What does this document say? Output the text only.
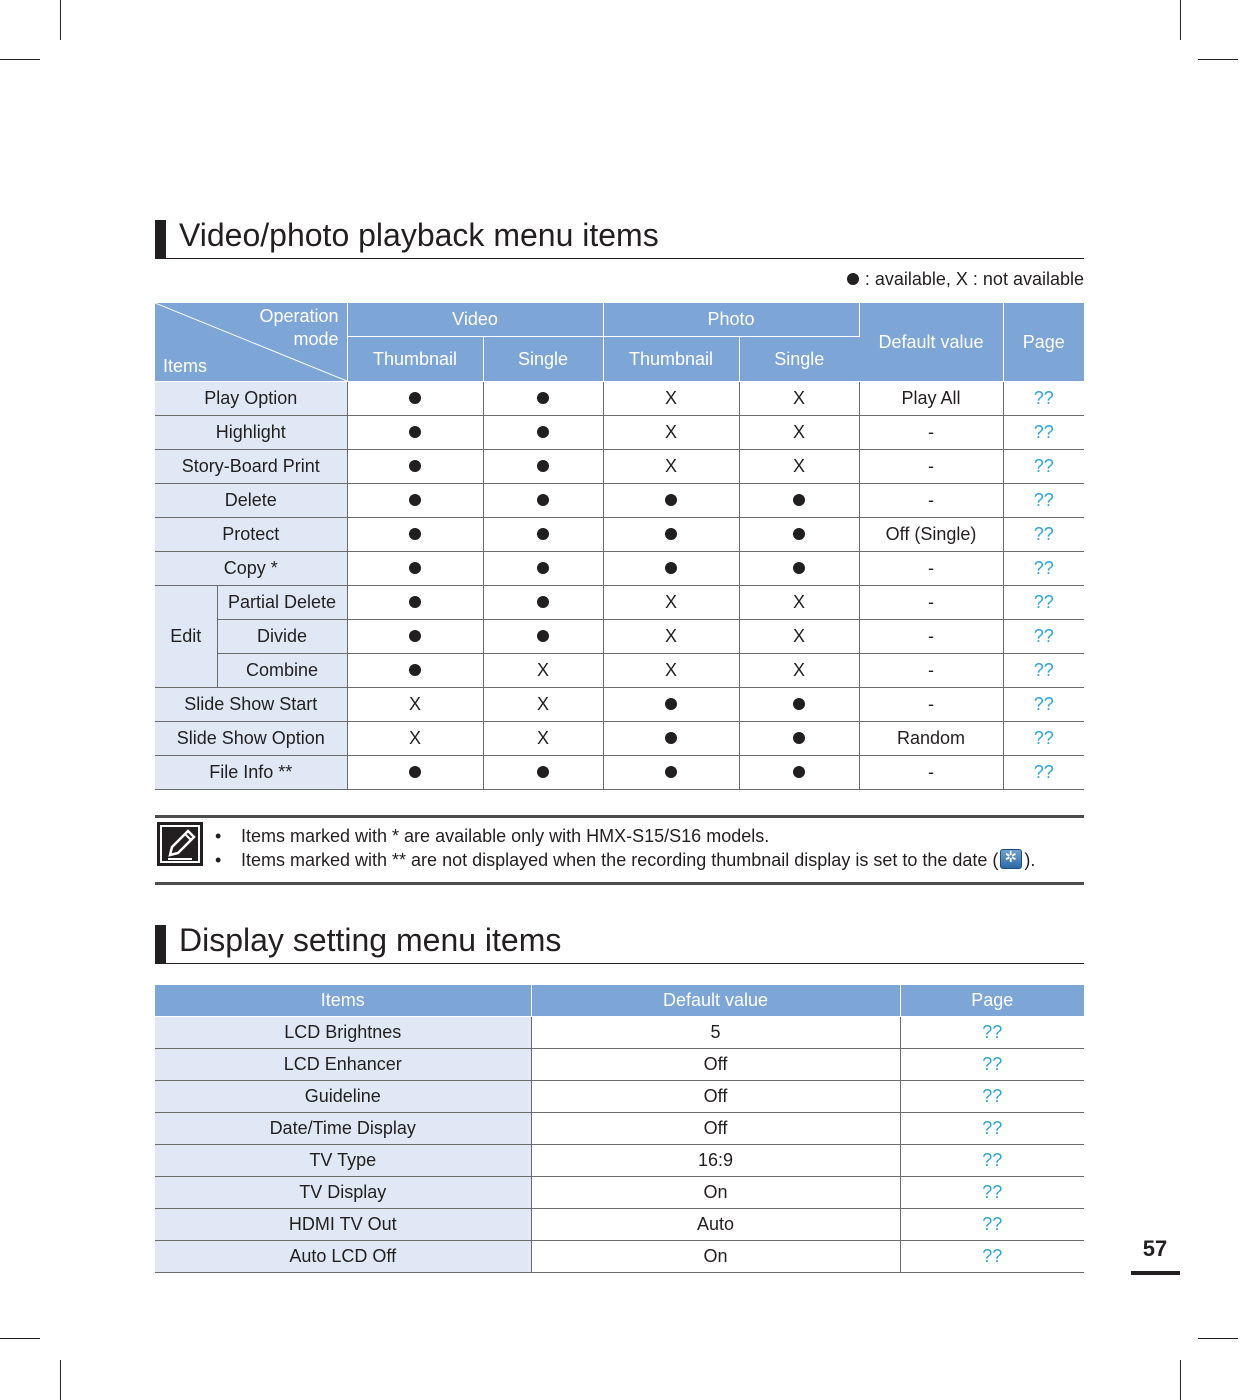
Video/photo playback menu items
: available, X : not available
Operation
mode
Items		Video		Photo		Default value	Page
		Thumbnail	Single	Thumbnail	Single		
Play Option				X	X	Play All	??
Highlight				X	X	-	??
Story-Board Print				X	X	-	??
Delete						-	??
Protect						Off (Single)	??
Copy *						-	??
Edit	Partial Delete			X	X	-	??
	Divide			X	X	-	??
	Combine		X	X	X	-	??
Slide Show Start		X	X			-	??
Slide Show Option		X	X			Random	??
File Info **						-	??
• Items marked with * are available only with HMX-S15/S16 models.
• Items marked with ** are not displayed when the recording thumbnail display is set to the date ( ✲ ).
Display setting menu items
Items	Default value	Page
LCD Brightnes	5	??
LCD Enhancer	Off	??
Guideline	Off	??
Date/Time Display	Off	??
TV Type	16:9	??
TV Display	On	??
HDMI TV Out	Auto	??
Auto LCD Off	On	??	57
